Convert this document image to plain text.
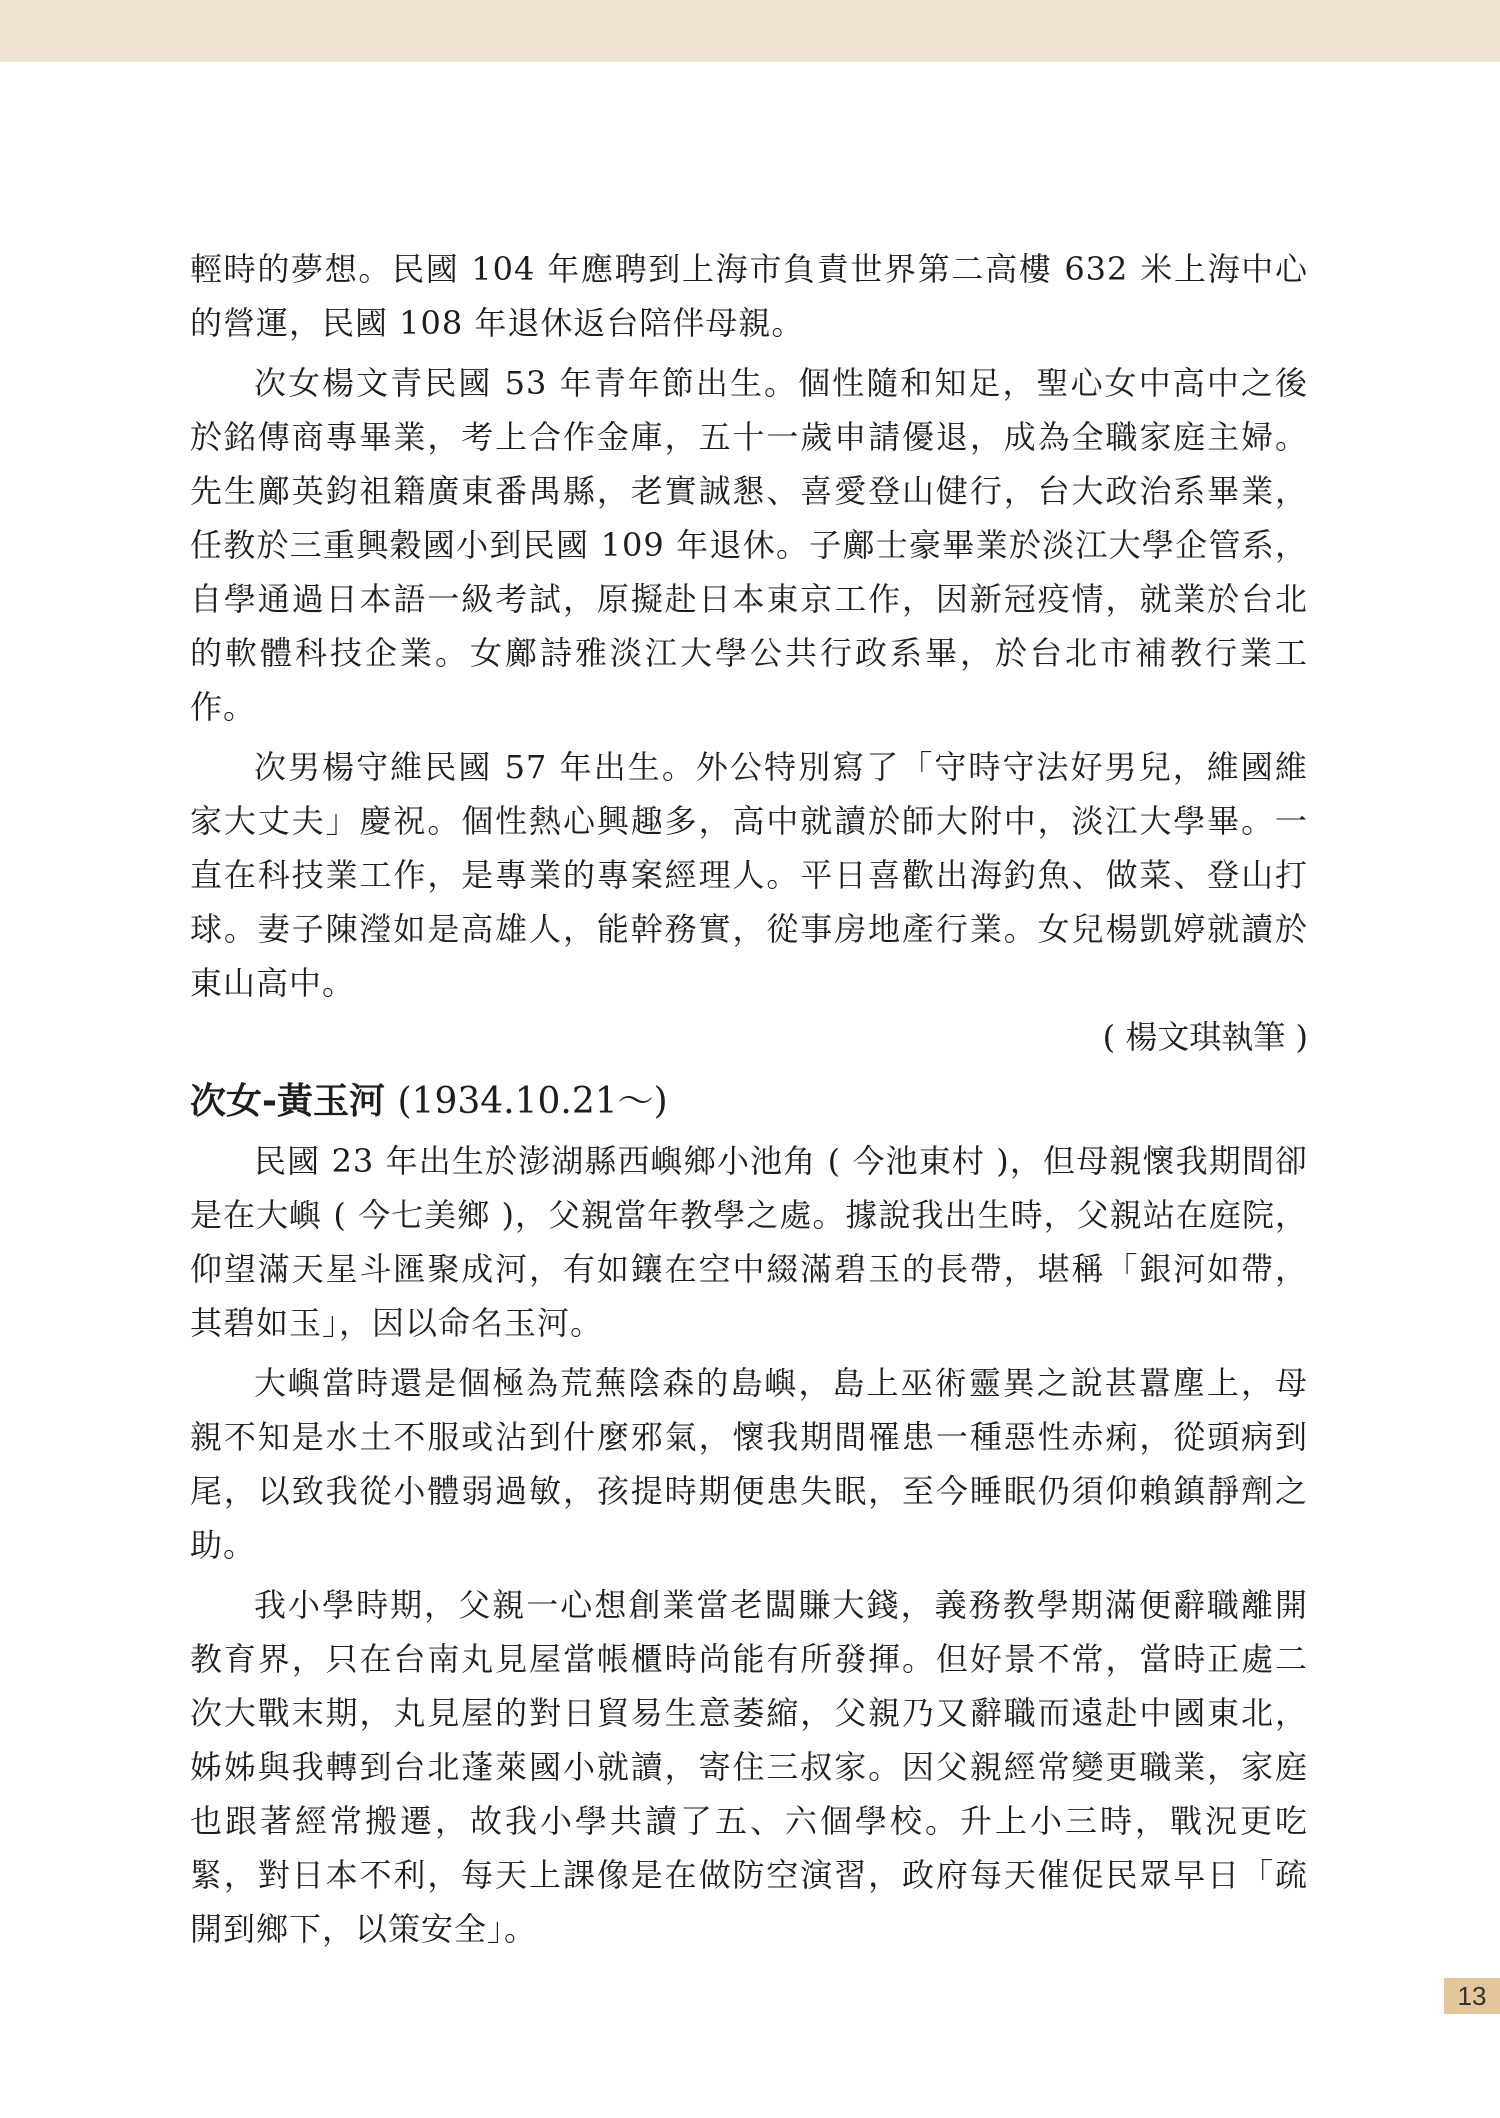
輕時的夢想。民國 104 年應聘到上海市負責世界第二高樓 632 米上海中心的營運，民國 108 年退休返台陪伴母親。

次女楊文青民國 53 年青年節出生。個性隨和知足，聖心女中高中之後於銘傳商專畢業，考上合作金庫，五十一歲申請優退，成為全職家庭主婦。先生鄺英鈞祖籍廣東番禺縣，老實誠懇、喜愛登山健行，台大政治系畢業，任教於三重興穀國小到民國 109 年退休。子鄺士豪畢業於淡江大學企管系，自學通過日本語一級考試，原擬赴日本東京工作，因新冠疫情，就業於台北的軟體科技企業。女鄺詩雅淡江大學公共行政系畢，於台北市補教行業工作。

次男楊守維民國 57 年出生。外公特別寫了「守時守法好男兒，維國維家大丈夫」慶祝。個性熱心興趣多，高中就讀於師大附中，淡江大學畢。一直在科技業工作，是專業的專案經理人。平日喜歡出海釣魚、做菜、登山打球。妻子陳瀅如是高雄人，能幹務實，從事房地產行業。女兒楊凱婷就讀於東山高中。

( 楊文琪執筆 )
次女-黃玉河 (1934.10.21～)

民國 23 年出生於澎湖縣西嶼鄉小池角 ( 今池東村 )，但母親懷我期間卻是在大嶼 ( 今七美鄉 )，父親當年教學之處。據說我出生時，父親站在庭院，仰望滿天星斗匯聚成河，有如鑲在空中綴滿碧玉的長帶，堪稱「銀河如帶，其碧如玉」，因以命名玉河。

大嶼當時還是個極為荒蕪陰森的島嶼，島上巫術靈異之說甚囂塵上，母親不知是水土不服或沾到什麼邪氣，懷我期間罹患一種惡性赤痢，從頭病到尾，以致我從小體弱過敏，孩提時期便患失眠，至今睡眠仍須仰賴鎮靜劑之助。

我小學時期，父親一心想創業當老闆賺大錢，義務教學期滿便辭職離開教育界，只在台南丸見屋當帳櫃時尚能有所發揮。但好景不常，當時正處二次大戰末期，丸見屋的對日貿易生意萎縮，父親乃又辭職而遠赴中國東北，姊姊與我轉到台北蓬萊國小就讀，寄住三叔家。因父親經常變更職業，家庭也跟著經常搬遷，故我小學共讀了五、六個學校。升上小三時，戰況更吃緊，對日本不利，每天上課像是在做防空演習，政府每天催促民眾早日「疏開到鄉下，以策安全」。

13
